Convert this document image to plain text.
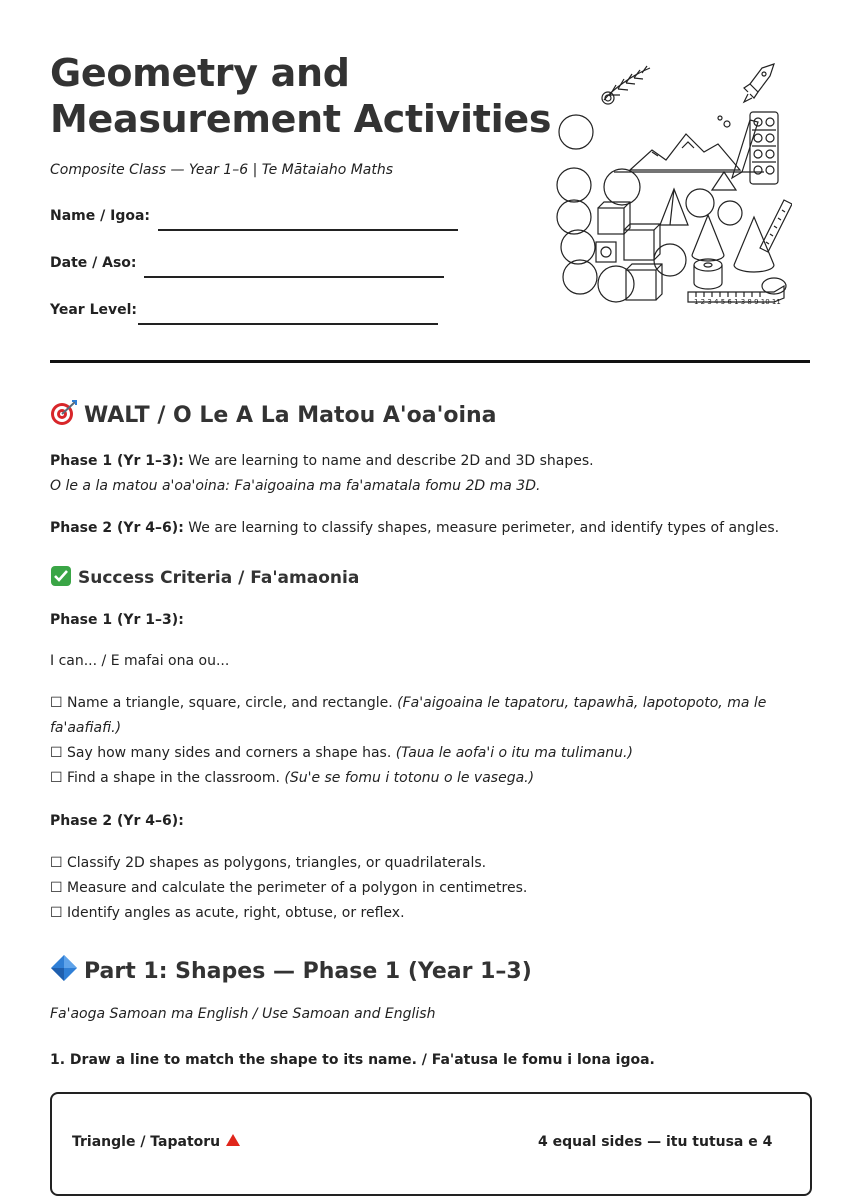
Geometry and
Measurement Activities
Composite Class — Year 1–6 | Te Mātaiaho Maths
Name / Igoa:
Date / Aso:
Year Level:	1 2 3 4 5 6 1 3 8 9 10 11
WALT / O Le A La Matou A'oa'oina

Phase 1 (Yr 1–3): We are learning to name and describe 2D and 3D shapes.
O le a la matou a'oa'oina: Fa'aigoaina ma fa'amatala fomu 2D ma 3D.

Phase 2 (Yr 4–6): We are learning to classify shapes, measure perimeter, and identify types of angles.

Success Criteria / Fa'amaonia

Phase 1 (Yr 1–3):

I can... / E mafai ona ou...

☐ Name a triangle, square, circle, and rectangle. (Fa'aigoaina le tapatoru, tapawhā, lapotopoto, ma le
fa'aafiafi.)
☐ Say how many sides and corners a shape has. (Taua le aofa'i o itu ma tulimanu.)
☐ Find a shape in the classroom. (Su'e se fomu i totonu o le vasega.)

Phase 2 (Yr 4–6):

☐ Classify 2D shapes as polygons, triangles, or quadrilaterals.
☐ Measure and calculate the perimeter of a polygon in centimetres.
☐ Identify angles as acute, right, obtuse, or reflex.

Part 1: Shapes — Phase 1 (Year 1–3)

Fa'aoga Samoan ma English / Use Samoan and English

1. Draw a line to match the shape to its name. / Fa'atusa le fomu i lona igoa.

Triangle / Tapatoru	4 equal sides — itu tutusa e 4
